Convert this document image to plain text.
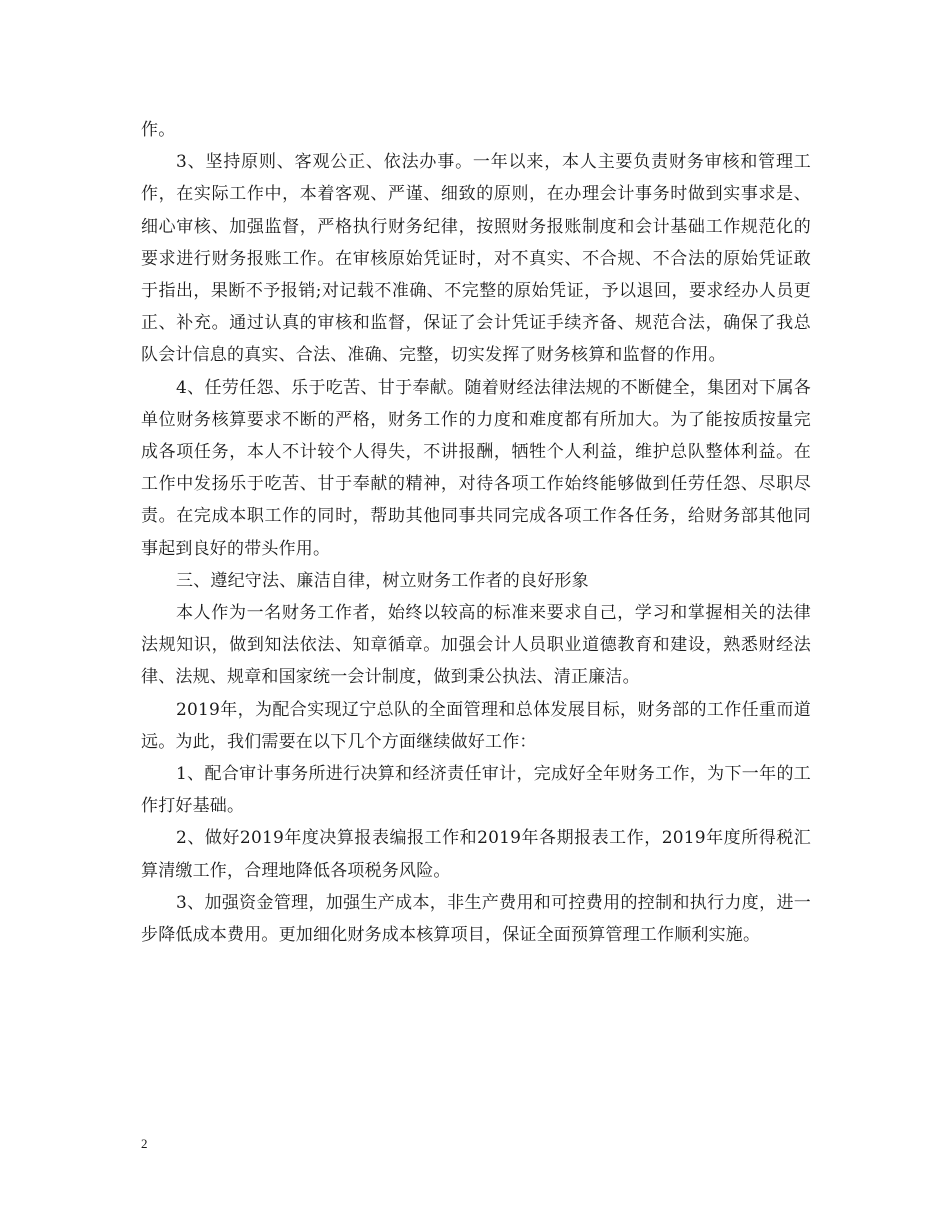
作。

3、坚持原则、客观公正、依法办事。一年以来，本人主要负责财务审核和管理工作，在实际工作中，本着客观、严谨、细致的原则，在办理会计事务时做到实事求是、细心审核、加强监督，严格执行财务纪律，按照财务报账制度和会计基础工作规范化的要求进行财务报账工作。在审核原始凭证时，对不真实、不合规、不合法的原始凭证敢于指出，果断不予报销;对记载不准确、不完整的原始凭证，予以退回，要求经办人员更正、补充。通过认真的审核和监督，保证了会计凭证手续齐备、规范合法，确保了我总队会计信息的真实、合法、准确、完整，切实发挥了财务核算和监督的作用。

4、任劳任怨、乐于吃苦、甘于奉献。随着财经法律法规的不断健全，集团对下属各单位财务核算要求不断的严格，财务工作的力度和难度都有所加大。为了能按质按量完成各项任务，本人不计较个人得失，不讲报酬，牺牲个人利益，维护总队整体利益。在工作中发扬乐于吃苦、甘于奉献的精神，对待各项工作始终能够做到任劳任怨、尽职尽责。在完成本职工作的同时，帮助其他同事共同完成各项工作各任务，给财务部其他同事起到良好的带头作用。

三、遵纪守法、廉洁自律，树立财务工作者的良好形象

本人作为一名财务工作者，始终以较高的标准来要求自己，学习和掌握相关的法律法规知识，做到知法依法、知章循章。加强会计人员职业道德教育和建设，熟悉财经法律、法规、规章和国家统一会计制度，做到秉公执法、清正廉洁。

2019年，为配合实现辽宁总队的全面管理和总体发展目标，财务部的工作任重而道远。为此，我们需要在以下几个方面继续做好工作：

1、配合审计事务所进行决算和经济责任审计，完成好全年财务工作，为下一年的工作打好基础。

2、做好2019年度决算报表编报工作和2019年各期报表工作，2019年度所得税汇算清缴工作，合理地降低各项税务风险。

3、加强资金管理，加强生产成本，非生产费用和可控费用的控制和执行力度，进一步降低成本费用。更加细化财务成本核算项目，保证全面预算管理工作顺利实施。

2
